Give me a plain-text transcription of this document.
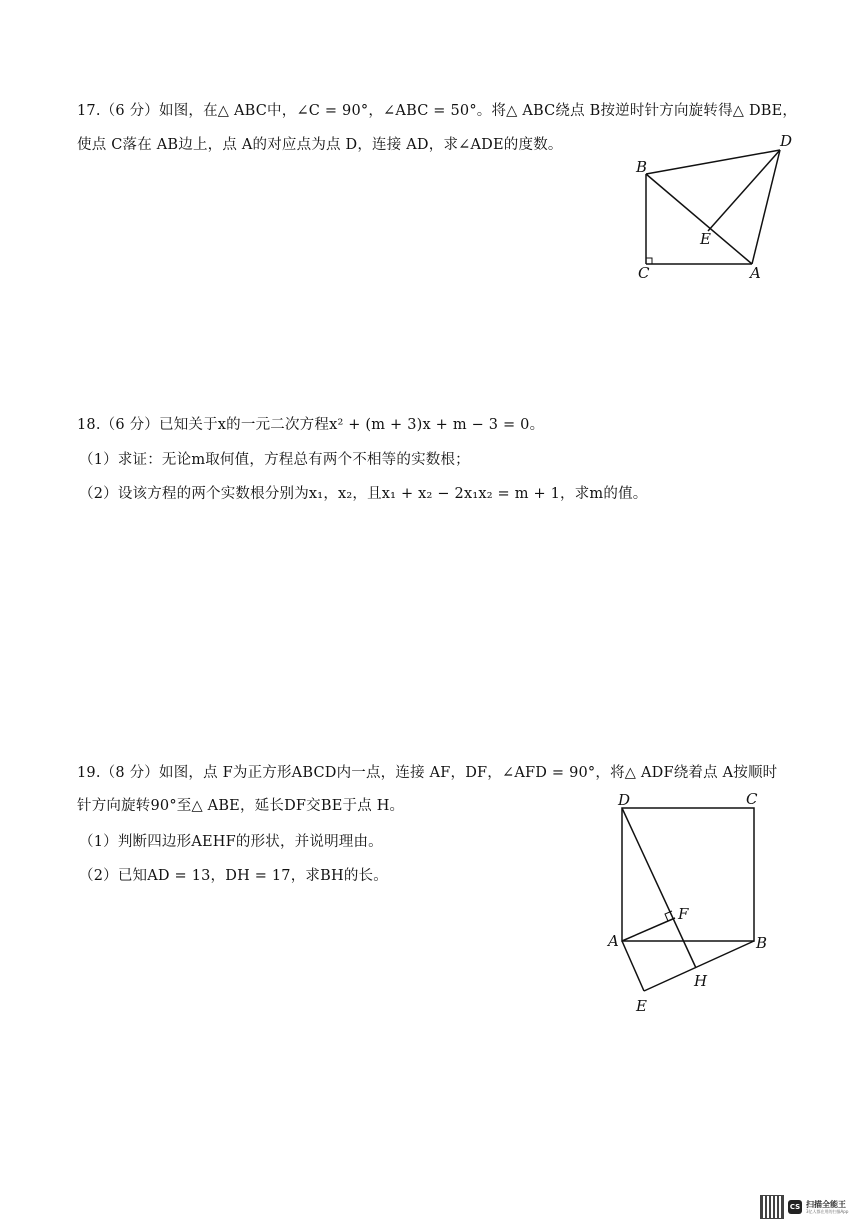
17.（6 分）如图，在△ ABC中，∠C = 90°，∠ABC = 50°。将△ ABC绕点 B按逆时针方向旋转得△ DBE，
使点 C落在 AB边上，点 A的对应点为点 D，连接 AD，求∠ADE的度数。
B
C	A
D
E
18.（6 分）已知关于x的一元二次方程x² + (m + 3)x + m − 3 = 0。
（1）求证：无论m取何值，方程总有两个不相等的实数根；
（2）设该方程的两个实数根分别为x₁，x₂，且x₁ + x₂ − 2x₁x₂ = m + 1，求m的值。
19.（8 分）如图，点 F为正方形ABCD内一点，连接 AF，DF，∠AFD = 90°，将△ ADF绕着点 A按顺时
针方向旋转90°至△ ABE，延长DF交BE于点 H。
（1）判断四边形AEHF的形状，并说明理由。
（2）已知AD = 13，DH = 17，求BH的长。
D	C
F
A	B
H
E
CS 扫描全能王
3亿人都在用的扫描App
